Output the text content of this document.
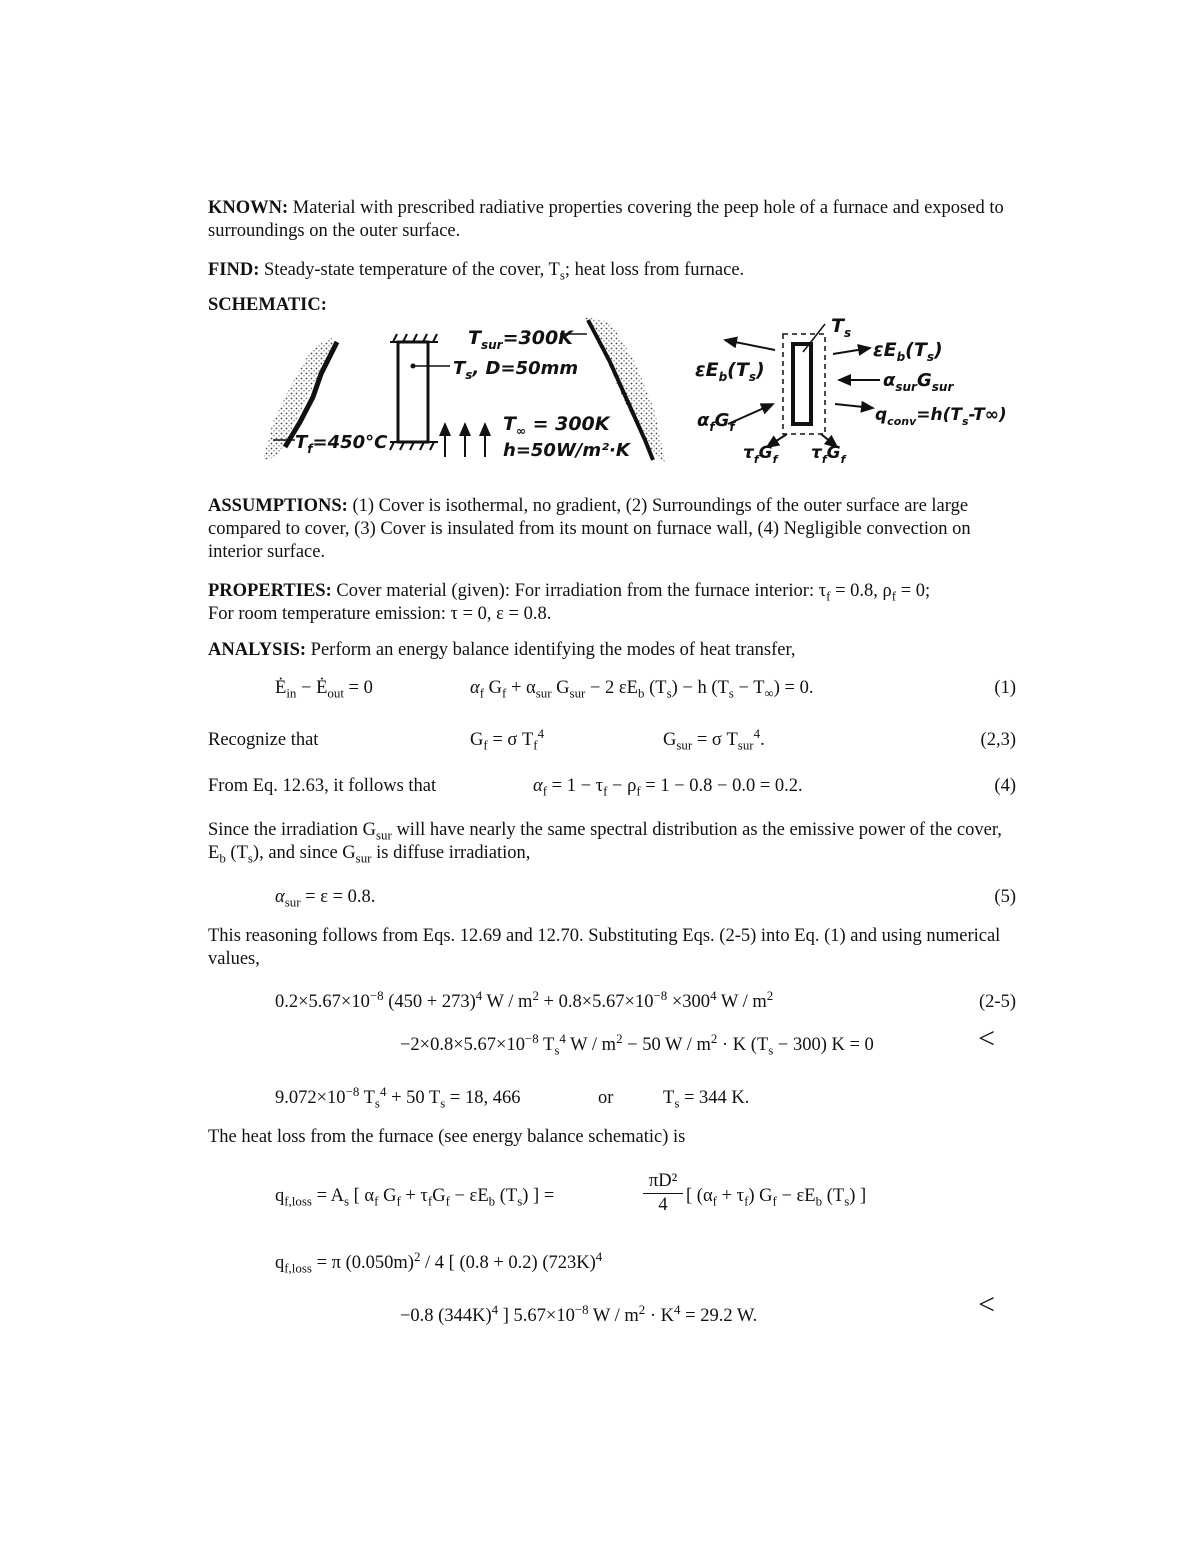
KNOWN: Material with prescribed radiative properties covering the peep hole of a furnace and exposed to surroundings on the outer surface.
FIND: Steady-state temperature of the cover, $T_s$; heat loss from furnace.
SCHEMATIC:
$T_{sur}=300K$
$T_s$, D=50mm
$T_f=450^\circ C$
$T_\infty = 300K$
h=50W/m²·K
$T_s$
$\varepsilon E_b(T_s)$
$\varepsilon E_b(T_s)$
$\alpha_{sur}G_{sur}$
$q_{conv}=h(T_s-T\infty)$
$\alpha_fG_f$
$\tau_fG_f$ $\tau_fG_f$
ASSUMPTIONS: (1) Cover is isothermal, no gradient, (2) Surroundings of the outer surface are large compared to cover, (3) Cover is insulated from its mount on furnace wall, (4) Negligible convection on interior surface.
PROPERTIES: Cover material (given): For irradiation from the furnace interior: $\tau_f = 0.8$, $\rho_f = 0$;
For room temperature emission: τ = 0, ε = 0.8.
ANALYSIS: Perform an energy balance identifying the modes of heat transfer,
$Ė_{in}$ − $Ė_{out} = 0$	$\alpha_f$ $G_f + \alpha_{sur}$ $G_{sur} - 2$ $\varepsilon E_b$ $(T_s) - h$ $(T_s - T_\infty) = 0$.	(1)
Recognize that	$G_f = \sigma$ $T_f^4$	$G_{sur} = \sigma$ $T_{sur}^4$.	(2,3)
From Eq. 12.63, it follows that	$\alpha_f = 1 - \tau_f - \rho_f = 1 - 0.8 - 0.0 = 0.2$.	(4)
Since the irradiation $G_{sur}$ will have nearly the same spectral distribution as the emissive power of the cover, $E_b$ $(T_s)$, and since $G_{sur}$ is diffuse irradiation,
$\alpha_{sur} = \varepsilon = 0.8$.	(5)
This reasoning follows from Eqs. 12.69 and 12.70. Substituting Eqs. (2-5) into Eq. (1) and using numerical values,
$0.2\times 5.67\times 10^{-8}$ $(450 + 273)^4$ $W / m^2 + 0.8\times 5.67\times 10^{-8} \times 300^4$ W / $m^2$	(2-5)
$-2\times 0.8\times 5.67\times 10^{-8}$ $T_s^4$ $W / m^2 - 50$ $W / m^2 \cdot K$ $(T_s - 300) K = 0$	<
$9.072\times 10^{-8}$ $T_s^4 + 50$ $T_s = 18$, 466	or	$T_s = 344$ K.
The heat loss from the furnace (see energy balance schematic) is
$q_{f,loss} = A_s$ [ $\alpha_f$ $G_f + \tau_fG_f - \varepsilon E_b$ $(T_s)$ ] =
πD²
4 [ $(\alpha_f + \tau_f) G_f - \varepsilon E_b$ $(T_s)$ ]
$q_{f,loss} = \pi$ $(0.050m)^2 / 4$ [ (0.8 + 0.2) $(723K)^4$
−0.8 $(344K)^4$ ] $5.67\times 10^{-8}$ $W / m^2 \cdot K^4 = 29.2$ W.	<
